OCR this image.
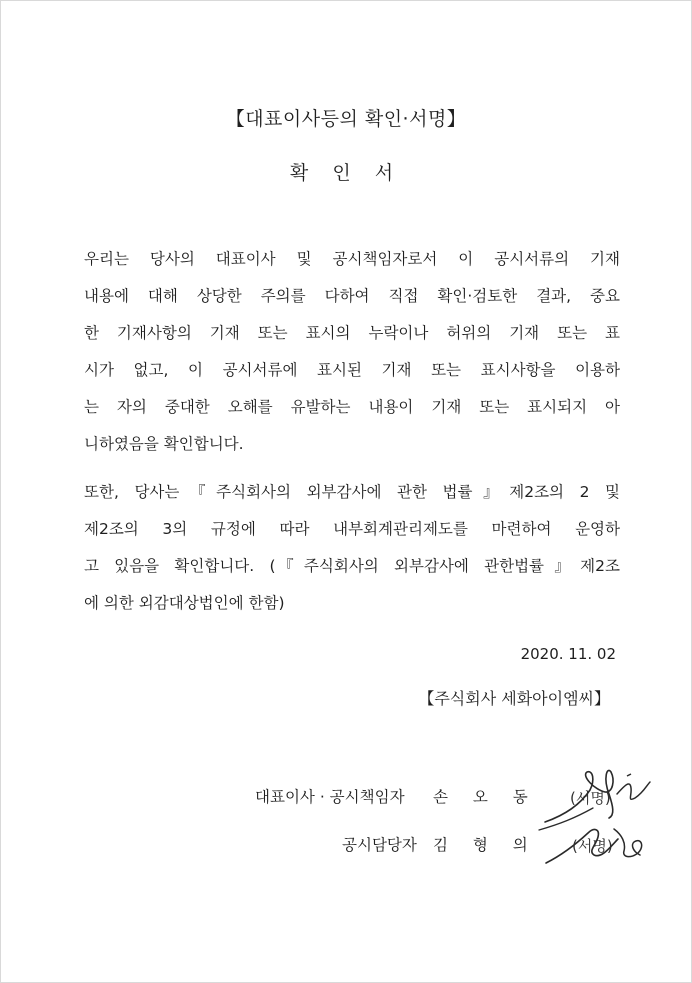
【대표이사등의 확인·서명】
확 인 서
우리는 당사의 대표이사 및 공시책임자로서 이 공시서류의 기재
내용에 대해 상당한 주의를 다하여 직접 확인·검토한 결과, 중요
한 기재사항의 기재 또는 표시의 누락이나 허위의 기재 또는 표
시가 없고, 이 공시서류에 표시된 기재 또는 표시사항을 이용하
는 자의 중대한 오해를 유발하는 내용이 기재 또는 표시되지 아
니하였음을 확인합니다.
또한, 당사는『주식회사의 외부감사에 관한 법률』제2조의 2 및
제2조의 3의 규정에 따라 내부회계관리제도를 마련하여 운영하
고 있음을 확인합니다. (『주식회사의 외부감사에 관한법률』제2조
에 의한 외감대상법인에 한함)
2020. 11. 02
【주식회사 세화아이엠씨】
대표이사 · 공시책임자 손 오 동 (서명)
공시담당자 김 형 의 (서명)
